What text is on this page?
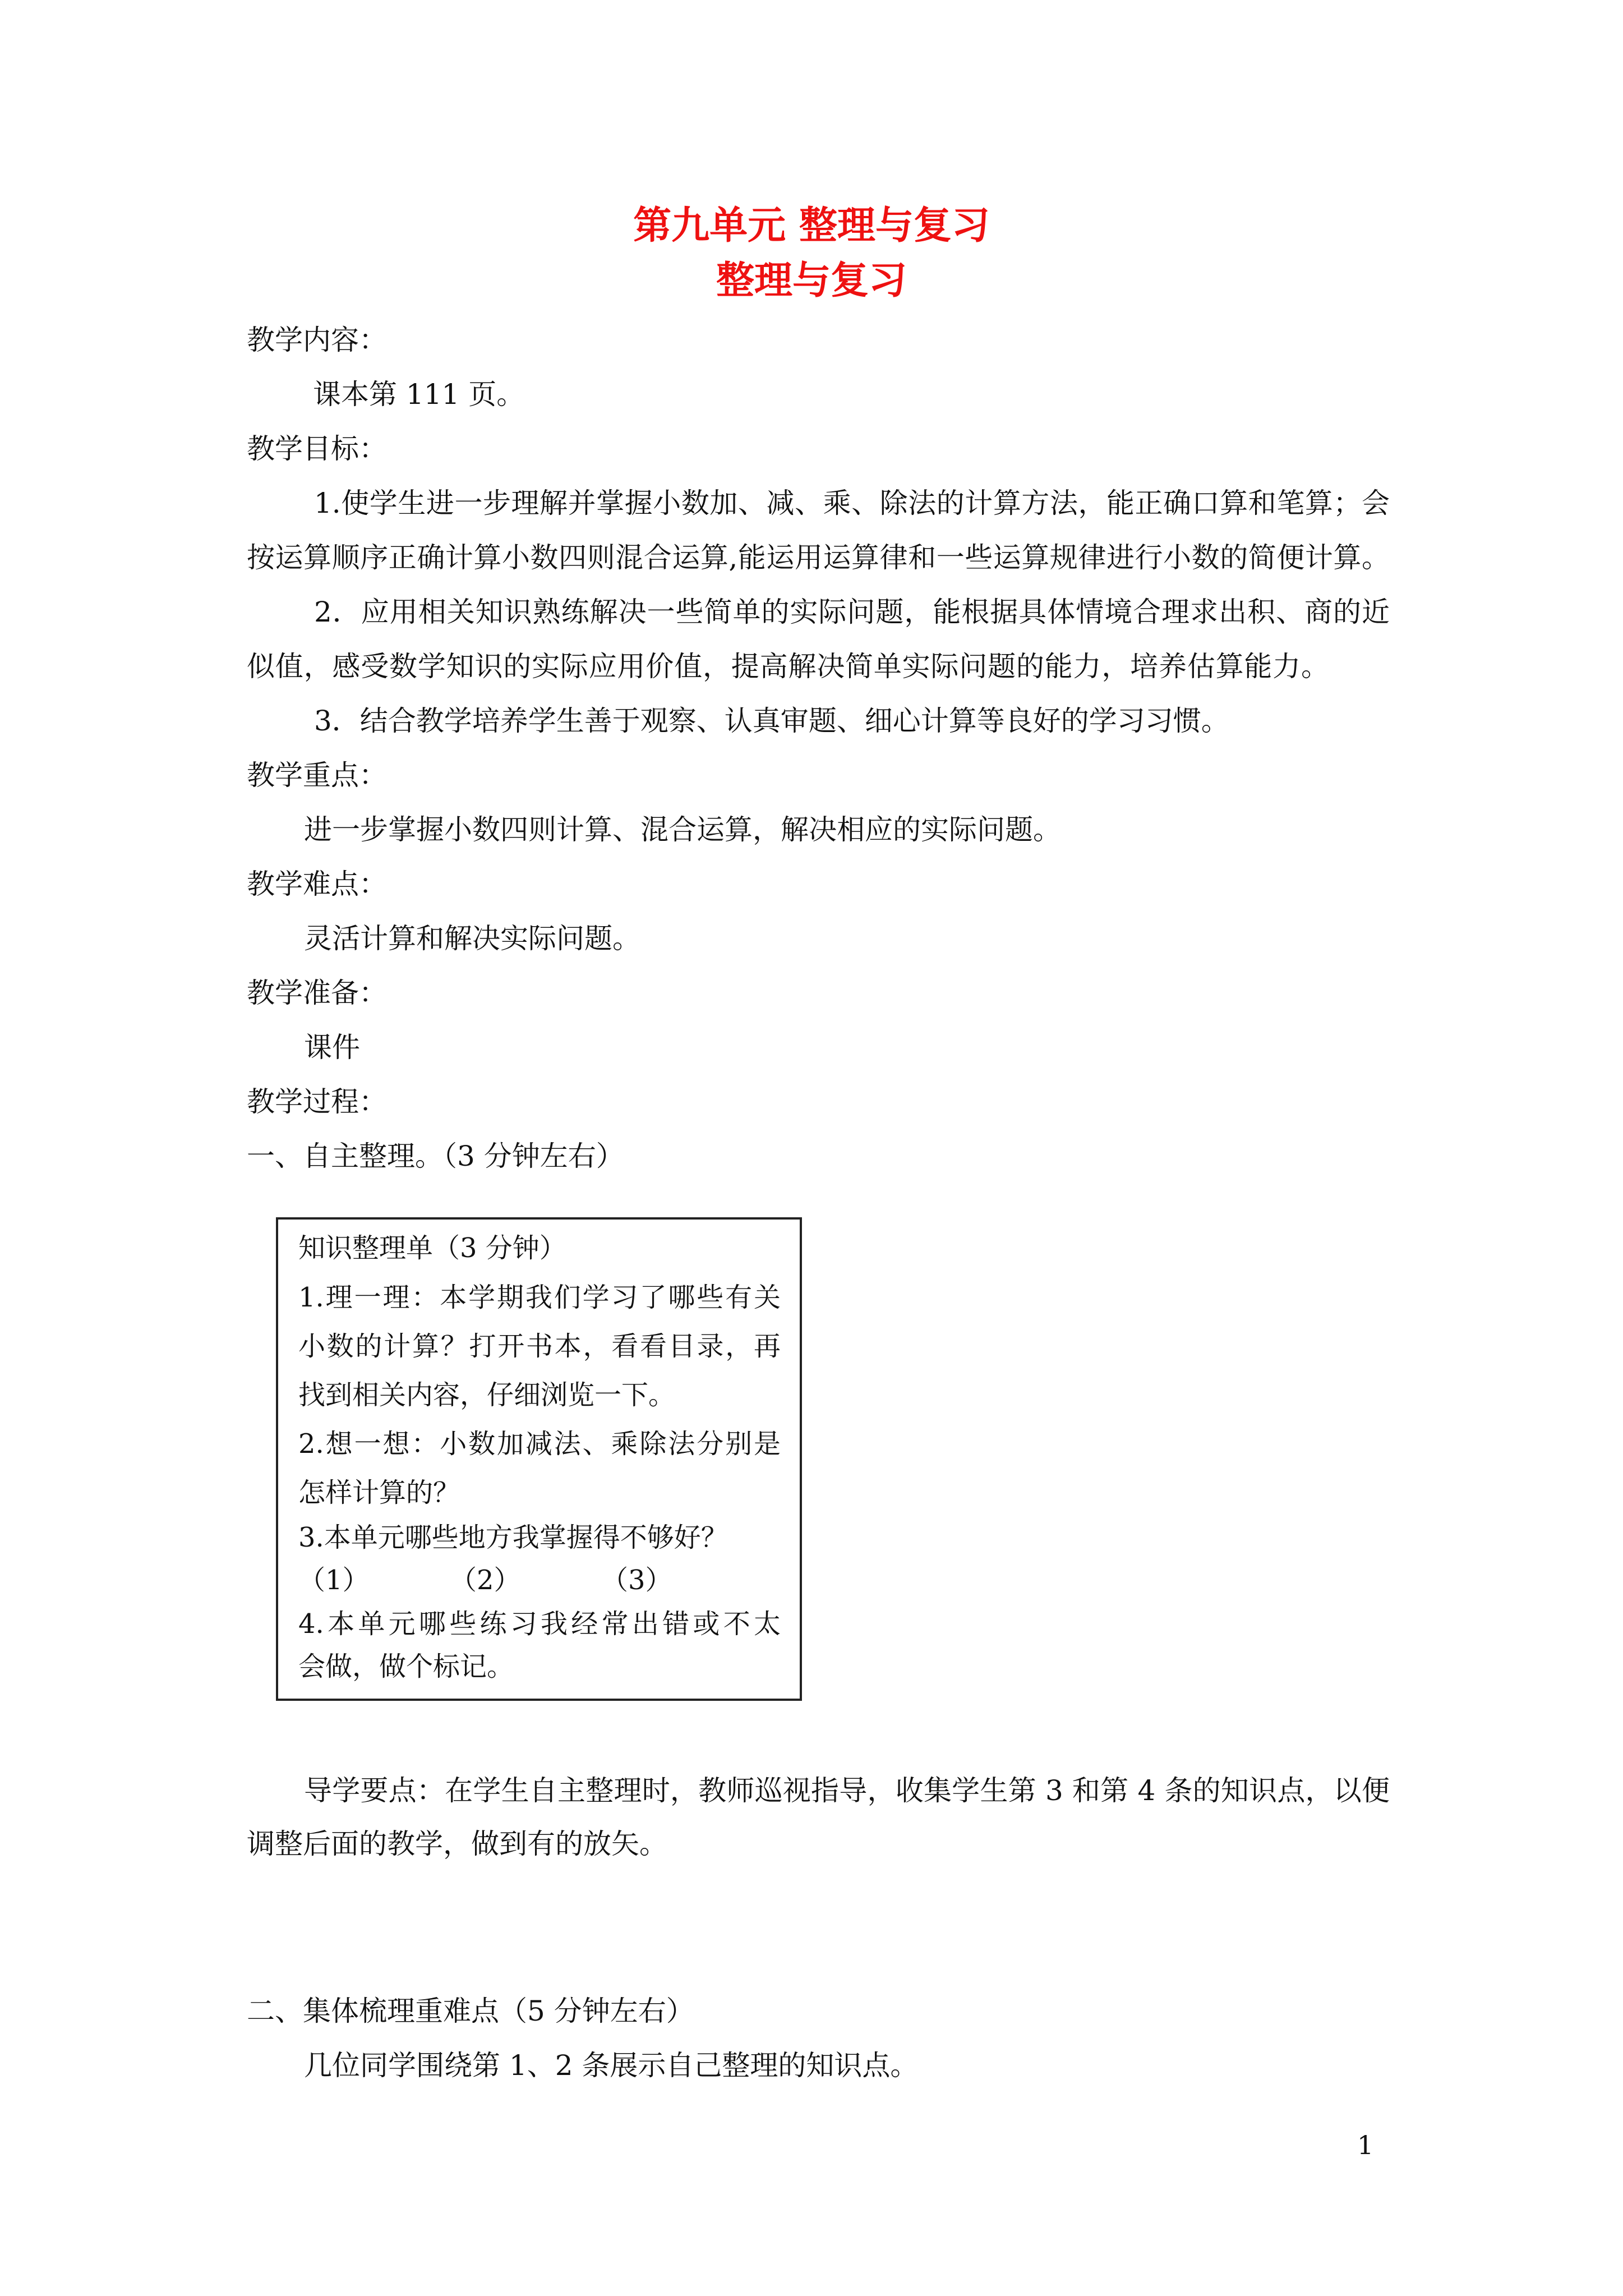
第九单元 整理与复习
整理与复习

教学内容：

课本第 111 页。

教学目标：

1.使学生进一步理解并掌握小数加、减、乘、除法的计算方法，能正确口算和笔算；会

按运算顺序正确计算小数四则混合运算,能运用运算律和一些运算规律进行小数的简便计算。

2．应用相关知识熟练解决一些简单的实际问题，能根据具体情境合理求出积、商的近

似值，感受数学知识的实际应用价值，提高解决简单实际问题的能力，培养估算能力。

3．结合教学培养学生善于观察、认真审题、细心计算等良好的学习习惯。

教学重点：

进一步掌握小数四则计算、混合运算，解决相应的实际问题。

教学难点：

灵活计算和解决实际问题。

教学准备：

课件

教学过程：

一、自主整理。（3 分钟左右）

知识整理单（3 分钟）

1.理一理：本学期我们学习了哪些有关

小数的计算？打开书本，看看目录，再

找到相关内容，仔细浏览一下。

2.想一想：小数加减法、乘除法分别是

怎样计算的？

3.本单元哪些地方我掌握得不够好？

（1）	（2）	（3）

4.本单元哪些练习我经常出错或不太

会做，做个标记。

导学要点：在学生自主整理时，教师巡视指导，收集学生第 3 和第 4 条的知识点，以便

调整后面的教学，做到有的放矢。

二、集体梳理重难点（5 分钟左右）

几位同学围绕第 1、2 条展示自己整理的知识点。

1
